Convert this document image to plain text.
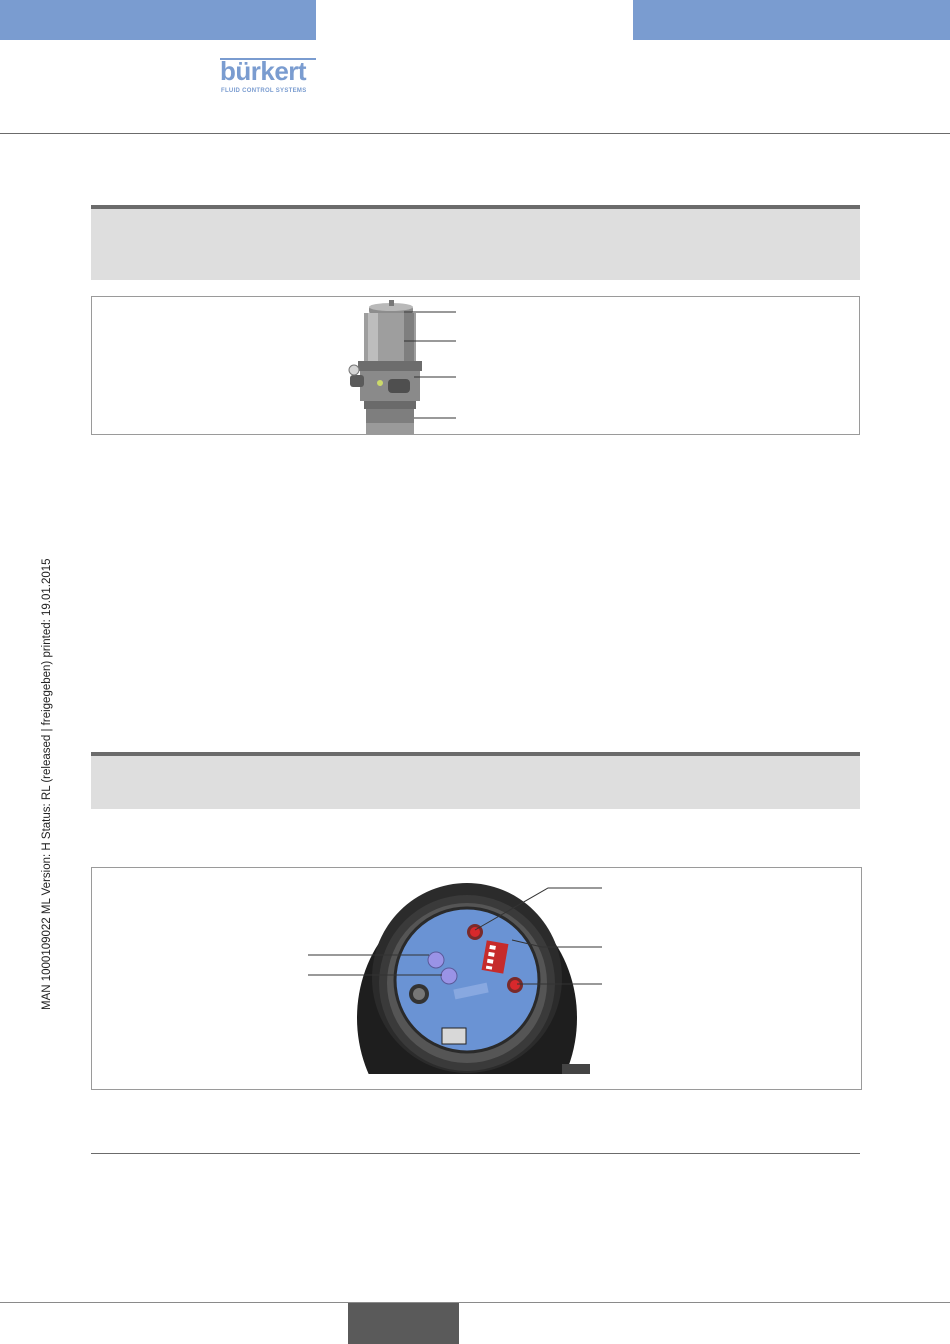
bürkert
FLUID CONTROL SYSTEMS
MAN 1000109022 ML Version: H Status: RL (released | freigegeben) printed: 19.01.2015
